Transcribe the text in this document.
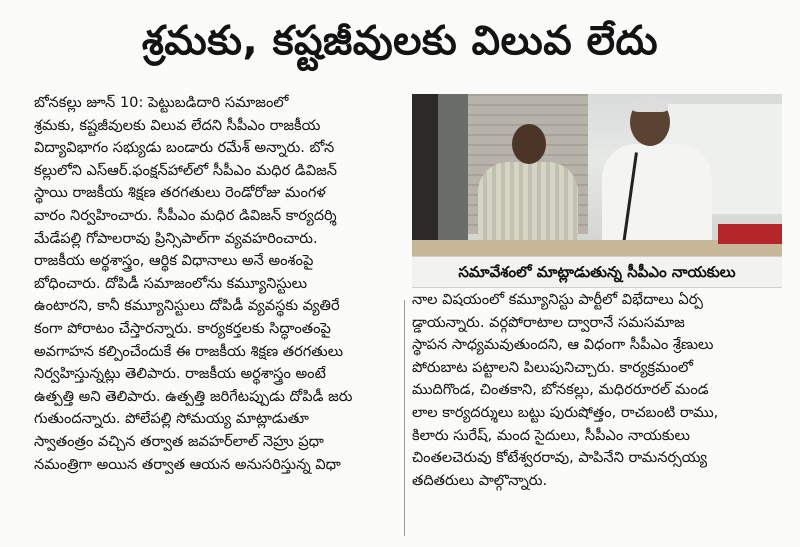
శ్రమకు, కష్టజీవులకు విలువ లేదు

బోనకల్లు జూన్ 10: పెట్టుబడిదారి సమాజంలో

శ్రమకు, కష్టజీవులకు విలువ లేదని సీపీఎం రాజకీయ

విద్యావిభాగం సభ్యుడు బండారు రమేశ్ అన్నారు. బోన

కల్లులోని ఎస్ఆర్.ఫంక్షన్‌హాల్‌లో సీపీఎం మధిర డివిజన్

స్థాయి రాజకీయ శిక్షణ తరగతులు రెండోరోజు మంగళ

వారం నిర్వహించారు. సీపీఎం మధిర డివిజన్ కార్యదర్శి

మేడేపల్లి గోపాలరావు ప్రిన్సిపాల్‌గా వ్యవహరించారు.

రాజకీయ అర్థశాస్త్రం, ఆర్థిక విధానాలు అనే అంశంపై

బోధించారు. దోపిడీ సమాజంలోను కమ్యూనిస్టులు

ఉంటారని, కానీ కమ్యూనిస్టులు దోపిడీ వ్యవస్థకు వ్యతిరే

కంగా పోరాటం చేస్తారన్నారు. కార్యకర్తలకు సిద్ధాంతంపై

అవగాహన కల్పించేందుకే ఈ రాజకీయ శిక్షణ తరగతులు

నిర్వహిస్తున్నట్లు తెలిపారు. రాజకీయ అర్థశాస్త్రం అంటే

ఉత్పత్తి అని తెలిపారు. ఉత్పత్తి జరిగేటప్పుడు దోపిడీ జరు

గుతుందన్నారు. పోలేపల్లి సోమయ్య మాట్లాడుతూ

స్వాతంత్రం వచ్చిన తర్వాత జవహర్‌లాల్ నెహ్రు ప్రధా

నమంత్రిగా అయిన తర్వాత ఆయన అనుసరిస్తున్న విధా

సమావేశంలో మాట్లాడుతున్న సీపీఎం నాయకులు

నాల విషయంలో కమ్యూనిస్టు పార్టీలో విభేదాలు ఏర్ప

డ్డాయన్నారు. వర్గపోరాటాల ద్వారానే సమసమాజ

స్థాపన సాధ్యమవుతుందని, ఆ విధంగా సీపీఎం శ్రేణులు

పోరుబాట పట్టాలని పిలుపునిచ్చారు. కార్యక్రమంలో

ముదిగొండ, చింతకాని, బోనకల్లు, మధిరరూరల్ మండ

లాల కార్యదర్శులు బట్టు పురుషోత్తం, రాచబంటి రాము,

కిలారు సురేష్, మంద సైదులు, సీపీఎం నాయకులు

చింతలచెరువు కోటేశ్వరరావు, పాపినేని రామనర్సయ్య

తదితరులు పాల్గొన్నారు.
